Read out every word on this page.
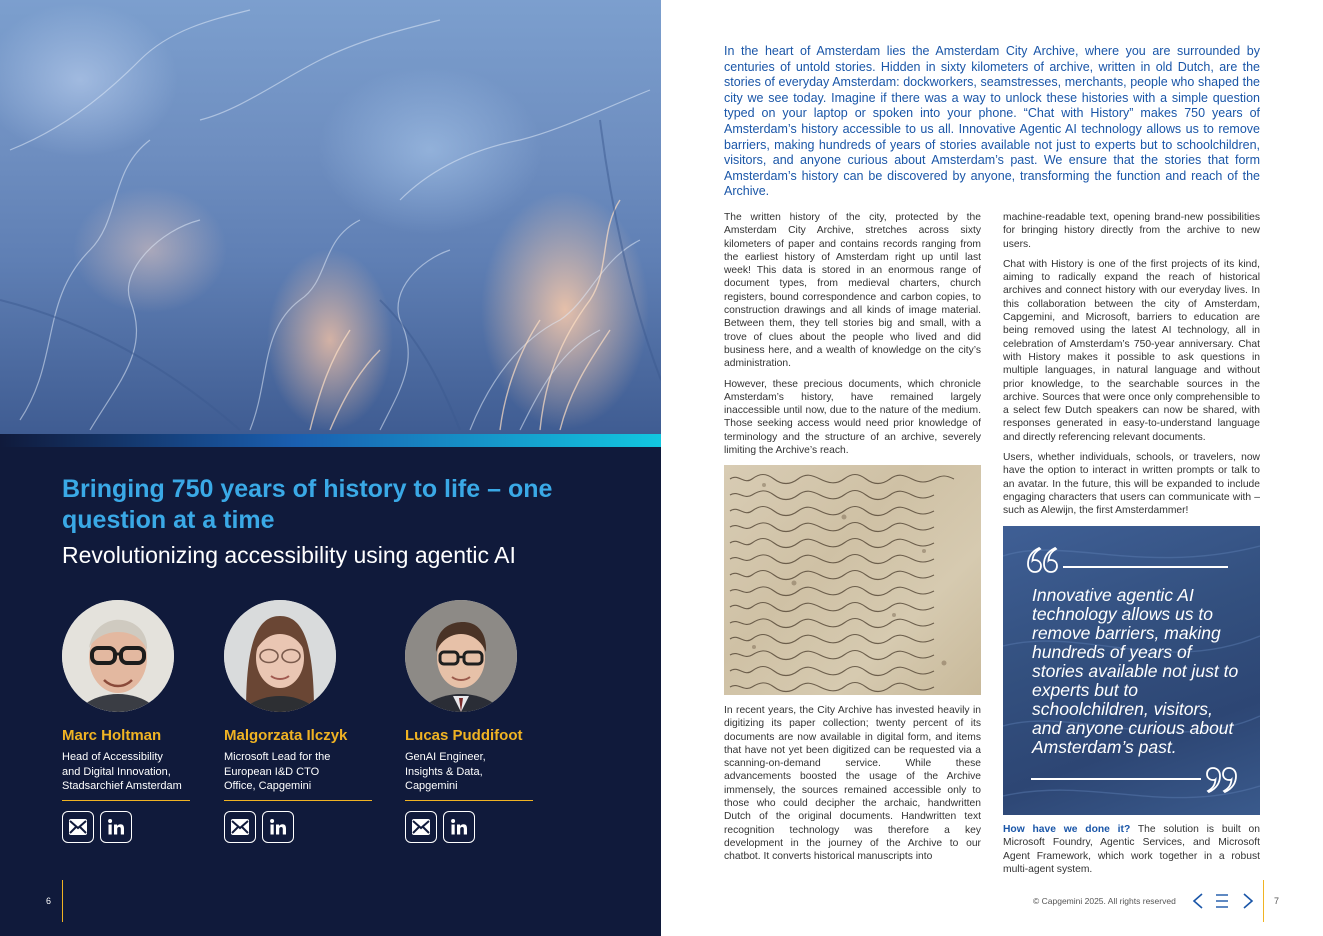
Bringing 750 years of history to life – one question at a time
Revolutionizing accessibility using agentic AI
Marc Holtman
Head of Accessibility
and Digital Innovation,
Stadsarchief Amsterdam
Malgorzata Ilczyk
Microsoft Lead for the
European I&D CTO
Office, Capgemini
Lucas Puddifoot
GenAI Engineer,
Insights & Data,
Capgemini
6

In the heart of Amsterdam lies the Amsterdam City Archive, where you are surrounded by centuries of untold stories. Hidden in sixty kilometers of archive, written in old Dutch, are the stories of everyday Amsterdam: dockworkers, seamstresses, merchants, people who shaped the city we see today. Imagine if there was a way to unlock these histories with a simple question typed on your laptop or spoken into your phone. “Chat with History” makes 750 years of Amsterdam’s history accessible to us all. Innovative Agentic AI technology allows us to remove barriers, making hundreds of years of stories available not just to experts but to schoolchildren, visitors, and anyone curious about Amsterdam’s past. We ensure that the stories that form Amsterdam’s history can be discovered by anyone, transforming the function and reach of the Archive.

The written history of the city, protected by the Amsterdam City Archive, stretches across sixty kilometers of paper and contains records ranging from the earliest history of Amsterdam right up until last week! This data is stored in an enormous range of document types, from medieval charters, church registers, bound correspondence and carbon copies, to construction drawings and all kinds of image material. Between them, they tell stories big and small, with a trove of clues about the people who lived and did business here, and a wealth of knowledge on the city’s administration.

However, these precious documents, which chronicle Amsterdam’s history, have remained largely inaccessible until now, due to the nature of the medium. Those seeking access would need prior knowledge of terminology and the structure of an archive, severely limiting the Archive’s reach.

In recent years, the City Archive has invested heavily in digitizing its paper collection; twenty percent of its documents are now available in digital form, and items that have not yet been digitized can be requested via a scanning-on-demand service. While these advancements boosted the usage of the Archive immensely, the sources remained accessible only to those who could decipher the archaic, handwritten Dutch of the original documents. Handwritten text recognition technology was therefore a key development in the journey of the Archive to our chatbot. It converts historical manuscripts into

machine-readable text, opening brand-new possibilities for bringing history directly from the archive to new users.

Chat with History is one of the first projects of its kind, aiming to radically expand the reach of historical archives and connect history with our everyday lives. In this collaboration between the city of Amsterdam, Capgemini, and Microsoft, barriers to education are being removed using the latest AI technology, all in celebration of Amsterdam’s 750-year anniversary. Chat with History makes it possible to ask questions in multiple languages, in natural language and without prior knowledge, to the searchable sources in the archive. Sources that were once only comprehensible to a select few Dutch speakers can now be shared, with responses generated in easy-to-understand language and directly referencing relevant documents.

Users, whether individuals, schools, or travelers, now have the option to interact in written prompts or talk to an avatar. In the future, this will be expanded to include engaging characters that users can communicate with – such as Alewijn, the first Amsterdammer!

Innovative agentic AI technology allows us to remove barriers, making hundreds of years of stories available not just to experts but to schoolchildren, visitors, and anyone curious about Amsterdam’s past.

How have we done it? The solution is built on Microsoft Foundry, Agentic Services, and Microsoft Agent Framework, which work together in a robust multi-agent system.

© Capgemini 2025. All rights reserved	7
